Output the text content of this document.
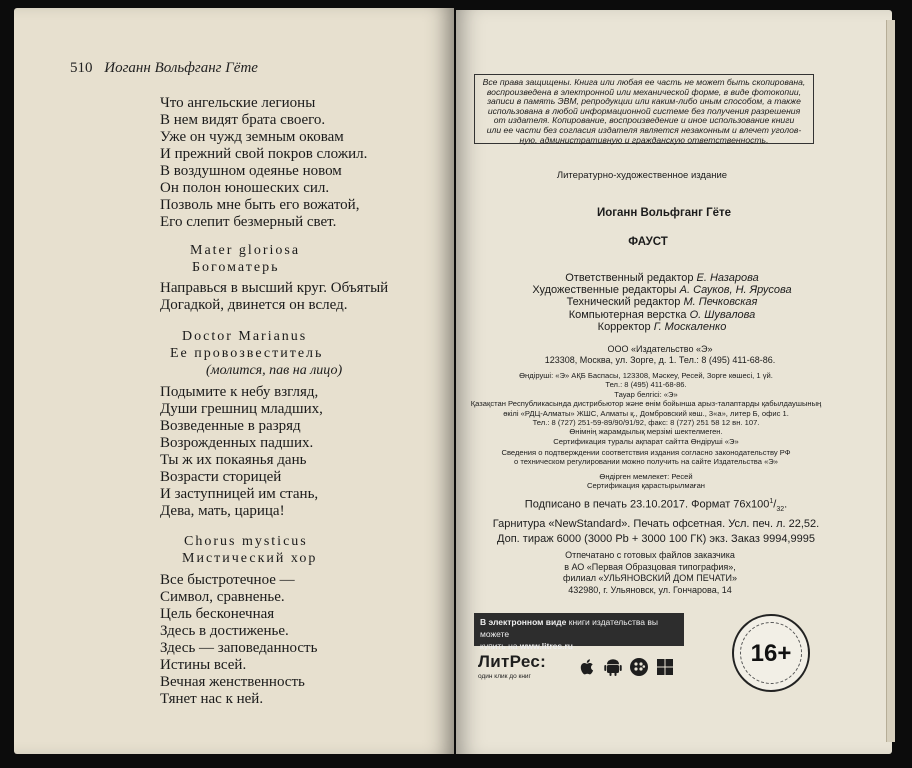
510 Иоганн Вольфганг Гёте
Что ангельские легионы
В нем видят брата своего.
Уже он чужд земным оковам
И прежний свой покров сложил.
В воздушном одеянье новом
Он полон юношеских сил.
Позволь мне быть его вожатой,
Его слепит безмерный свет.
Mater gloriosa
Богоматерь
Направься в высший круг. Объятый
Догадкой, двинется он вслед.
Doctor Marianus
Ее провозвеститель
(молится, пав на лицо)
Подымите к небу взгляд,
Души грешниц младших,
Возведенные в разряд
Возрожденных падших.
Ты ж их покаянья дань
Возрасти сторицей
И заступницей им стань,
Дева, мать, царица!
Chorus mysticus
Мистический хор
Все быстротечное —
Символ, сравненье.
Цель бесконечная
Здесь в достиженье.
Здесь — заповеданность
Истины всей.
Вечная женственность
Тянет нас к ней.
Все права защищены. Книга или любая ее часть не может быть скопирована,
воспроизведена в электронной или механической форме, в виде фотокопии,
записи в память ЭВМ, репродукции или каким-либо иным способом, а также
использована в любой информационной системе без получения разрешения
от издателя. Копирование, воспроизведение и иное использование книги
или ее части без согласия издателя является незаконным и влечет уголов-
ную, административную и гражданскую ответственность.
Литературно-художественное издание
Иоганн Вольфганг Гёте
ФАУСТ
Ответственный редактор Е. Назарова
Художественные редакторы А. Сауков, Н. Ярусова
Технический редактор М. Печковская
Компьютерная верстка О. Шувалова
Корректор Г. Москаленко
ООО «Издательство «Э»
123308, Москва, ул. Зорге, д. 1. Тел.: 8 (495) 411-68-86.
Өндіруші: «Э» АҚБ Баспасы, 123308, Мәскеу, Ресей, Зорге көшесі, 1 үй.
Тел.: 8 (495) 411-68-86.
Тауар белгісі: «Э»
Қазақстан Республикасында дистрибьютор және өнім бойынша арыз-талаптарды қабылдаушының
өкілі «РДЦ-Алматы» ЖШС, Алматы қ., Домбровский көш., 3«а», литер Б, офис 1.
Тел.: 8 (727) 251-59-89/90/91/92, факс: 8 (727) 251 58 12 вн. 107.
Өнімнің жарамдылық мерзімі шектелмеген.
Сертификация туралы ақпарат сайтта Өндіруші «Э»
Сведения о подтверждении соответствия издания согласно законодательству РФ
о техническом регулировании можно получить на сайте Издательства «Э»
Өндірген мемлекет: Ресей
Сертификация қарастырылмаған
Подписано в печать 23.10.2017. Формат $76x100^1/_{32}$.
Гарнитура «NewStandard». Печать офсетная. Усл. печ. л. 22,52.
Доп. тираж 6000 (3000 Pb + 3000 100 ГК) экз. Заказ 9994,9995
Отпечатано с готовых файлов заказчика
в АО «Первая Образцовая типография»,
филиал «УЛЬЯНОВСКИЙ ДОМ ПЕЧАТИ»
432980, г. Ульяновск, ул. Гончарова, 14
В электронном виде книги издательства вы можете
купить на www.litres.ru
ЛитРес:
один клик до книг
16+
